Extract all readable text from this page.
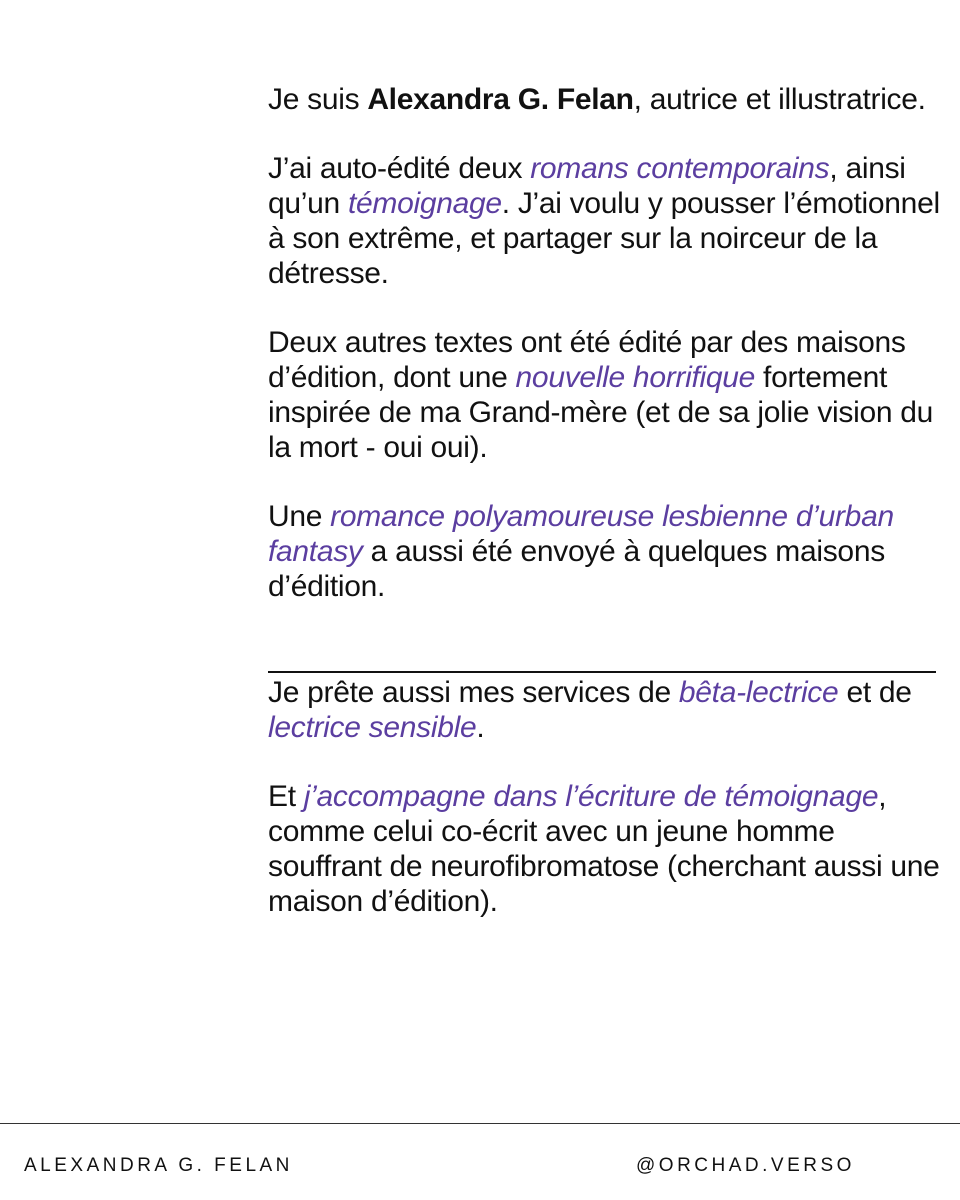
Je suis Alexandra G. Felan, autrice et illustratrice.

J’ai auto-édité deux romans contemporains, ainsi qu’un témoignage. J’ai voulu y pousser l’émotionnel à son extrême, et partager sur la noirceur de la détresse.

Deux autres textes ont été édité par des maisons d’édition, dont une nouvelle horrifique fortement inspirée de ma Grand-mère (et de sa jolie vision du la mort - oui oui).

Une romance polyamoureuse lesbienne d’urban fantasy a aussi été envoyé à quelques maisons d’édition.

Je prête aussi mes services de bêta-lectrice et de lectrice sensible.

Et j’accompagne dans l’écriture de témoignage, comme celui co-écrit avec un jeune homme souffrant de neurofibromatose (cherchant aussi une maison d’édition).

ALEXANDRA G. FELAN	@ORCHAD.VERSO
